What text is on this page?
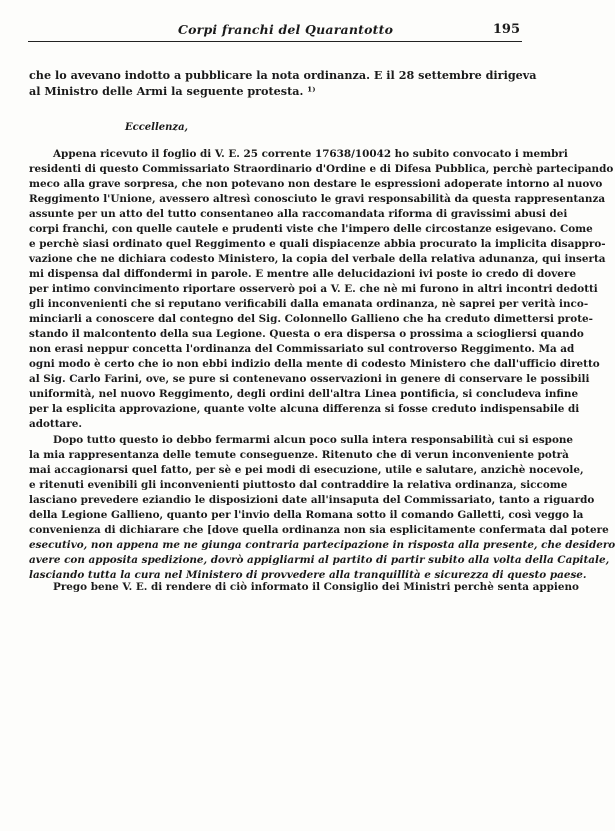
Corpi franchi del Quarantotto	195
che lo avevano indotto a pubblicare la nota ordinanza. E il 28 settembre dirigeva
al Ministro delle Armi la seguente protesta. ¹⁾
Eccellenza,
Appena ricevuto il foglio di V. E. 25 corrente 17638/10042 ho subito convocato i membri
residenti di questo Commissariato Straordinario d'Ordine e di Difesa Pubblica, perchè partecipando
meco alla grave sorpresa, che non potevano non destare le espressioni adoperate intorno al nuovo
Reggimento l'Unione, avessero altresì conosciuto le gravi responsabilità da questa rappresentanza
assunte per un atto del tutto consentaneo alla raccomandata riforma di gravissimi abusi dei
corpi franchi, con quelle cautele e prudenti viste che l'impero delle circostanze esigevano. Come
e perchè siasi ordinato quel Reggimento e quali dispiacenze abbia procurato la implicita disappro-
vazione che ne dichiara codesto Ministero, la copia del verbale della relativa adunanza, qui inserta
mi dispensa dal diffondermi in parole. E mentre alle delucidazioni ivi poste io credo di dovere
per intimo convincimento riportare osserverò poi a V. E. che nè mi furono in altri incontri dedotti
gli inconvenienti che si reputano verificabili dalla emanata ordinanza, nè saprei per verità inco-
minciarli a conoscere dal contegno del Sig. Colonnello Gallieno che ha creduto dimettersi prote-
stando il malcontento della sua Legione. Questa o era dispersa o prossima a sciogliersi quando
non erasi neppur concetta l'ordinanza del Commissariato sul controverso Reggimento. Ma ad
ogni modo è certo che io non ebbi indizio della mente di codesto Ministero che dall'ufficio diretto
al Sig. Carlo Farini, ove, se pure si contenevano osservazioni in genere di conservare le possibili
uniformità, nel nuovo Reggimento, degli ordini dell'altra Linea pontificia, si concludeva infine
per la esplicita approvazione, quante volte alcuna differenza si fosse creduto indispensabile di
adottare.
Dopo tutto questo io debbo fermarmi alcun poco sulla intera responsabilità cui si espone
la mia rappresentanza delle temute conseguenze. Ritenuto che di verun inconveniente potrà
mai accagionarsi quel fatto, per sè e pei modi di esecuzione, utile e salutare, anzichè nocevole,
e ritenuti evenibili gli inconvenienti piuttosto dal contraddire la relativa ordinanza, siccome
lasciano prevedere eziandio le disposizioni date all'insaputa del Commissariato, tanto a riguardo
della Legione Gallieno, quanto per l'invio della Romana sotto il comando Galletti, così veggo la
convenienza di dichiarare che [dove quella ordinanza non sia esplicitamente confermata dal potere
esecutivo, non appena me ne giunga contraria partecipazione in risposta alla presente, che desidero
avere con apposita spedizione, dovrò appigliarmi al partito di partir subito alla volta della Capitale,
lasciando tutta la cura nel Ministero di provvedere alla tranquillità e sicurezza di questo paese.
Prego bene V. E. di rendere di ciò informato il Consiglio dei Ministri perchè senta appieno
